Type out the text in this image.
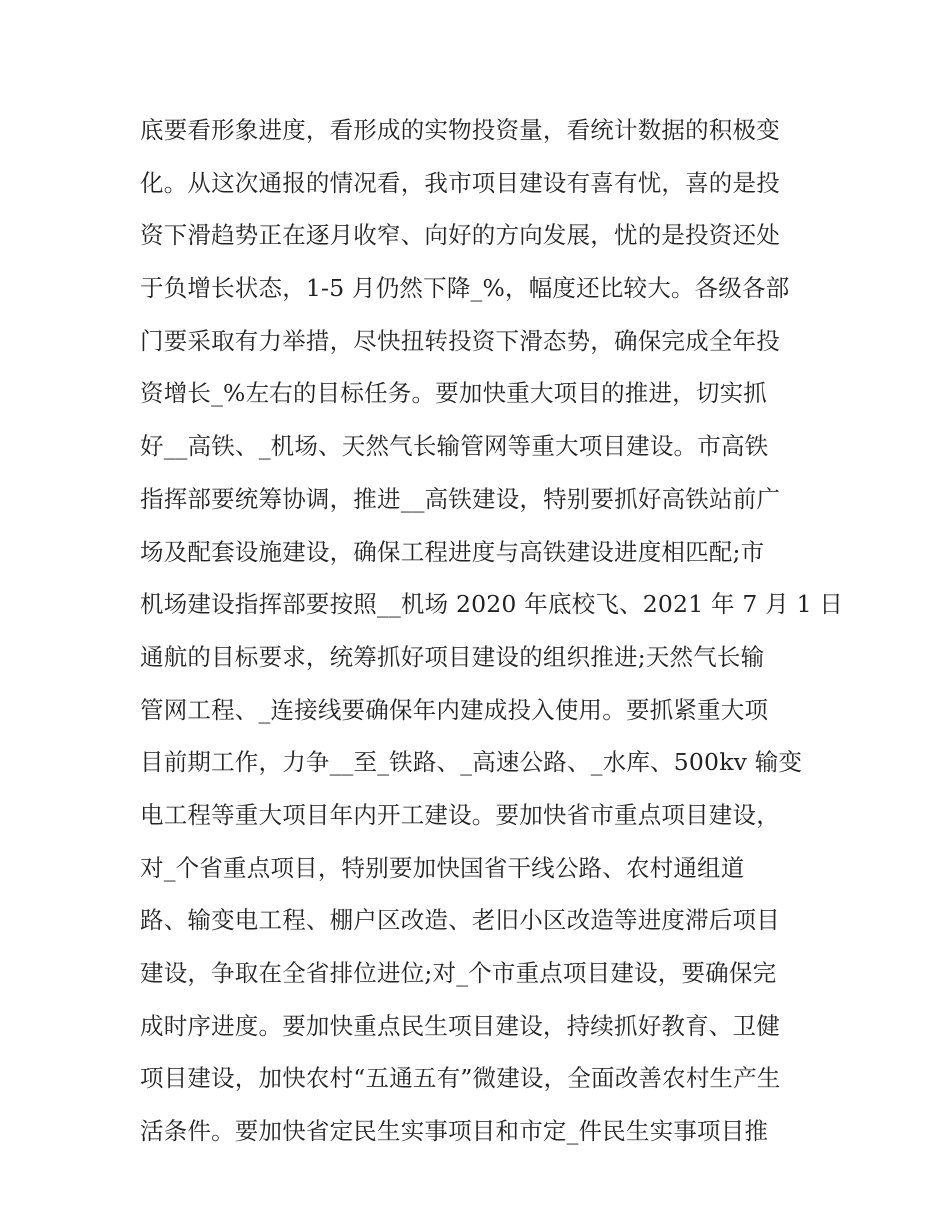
底要看形象进度，看形成的实物投资量，看统计数据的积极变
化。从这次通报的情况看，我市项目建设有喜有忧，喜的是投
资下滑趋势正在逐月收窄、向好的方向发展，忧的是投资还处
于负增长状态，1-5 月仍然下降_%，幅度还比较大。各级各部
门要采取有力举措，尽快扭转投资下滑态势，确保完成全年投
资增长_%左右的目标任务。要加快重大项目的推进，切实抓
好__高铁、_机场、天然气长输管网等重大项目建设。市高铁
指挥部要统筹协调，推进__高铁建设，特别要抓好高铁站前广
场及配套设施建设，确保工程进度与高铁建设进度相匹配;市
机场建设指挥部要按照__机场 2020 年底校飞、2021 年 7 月 1 日
通航的目标要求，统筹抓好项目建设的组织推进;天然气长输
管网工程、_连接线要确保年内建成投入使用。要抓紧重大项
目前期工作，力争__至_铁路、_高速公路、_水库、500kv 输变
电工程等重大项目年内开工建设。要加快省市重点项目建设，
对_个省重点项目，特别要加快国省干线公路、农村通组道
路、输变电工程、棚户区改造、老旧小区改造等进度滞后项目
建设，争取在全省排位进位;对_个市重点项目建设，要确保完
成时序进度。要加快重点民生项目建设，持续抓好教育、卫健
项目建设，加快农村“五通五有”微建设，全面改善农村生产生
活条件。要加快省定民生实事项目和市定_件民生实事项目推
